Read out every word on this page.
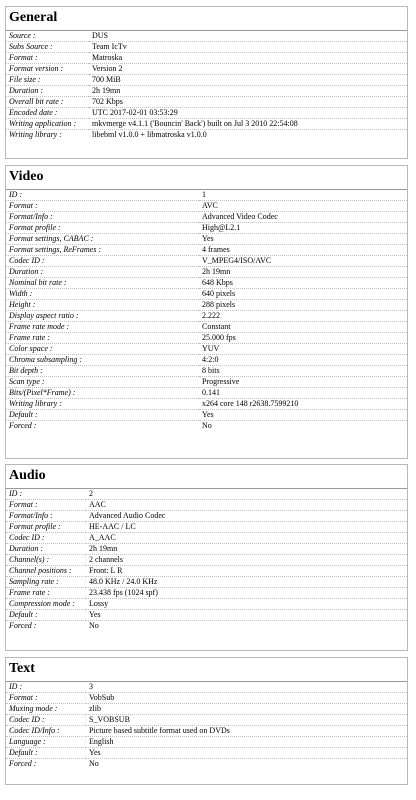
General
Source :	DUS
Subs Source :	Team IcTv
Format :	Matroska
Format version :	Version 2
File size :	700 MiB
Duration :	2h 19mn
Overall bit rate :	702 Kbps
Encoded date :	UTC 2017-02-01 03:53:29
Writing application :	mkvmerge v4.1.1 ('Bouncin' Back') built on Jul 3 2010 22:54:08
Writing library :	libebml v1.0.0 + libmatroska v1.0.0
Video
ID :	1
Format :	AVC
Format/Info :	Advanced Video Codec
Format profile :	High@L2.1
Format settings, CABAC :	Yes
Format settings, ReFrames :	4 frames
Codec ID :	V_MPEG4/ISO/AVC
Duration :	2h 19mn
Nominal bit rate :	648 Kbps
Width :	640 pixels
Height :	288 pixels
Display aspect ratio :	2.222
Frame rate mode :	Constant
Frame rate :	25.000 fps
Color space :	YUV
Chroma subsampling :	4:2:0
Bit depth :	8 bits
Scan type :	Progressive
Bits/(Pixel*Frame) :	0.141
Writing library :	x264 core 148 r2638.7599210
Default :	Yes
Forced :	No
Audio
ID :	2
Format :	AAC
Format/Info :	Advanced Audio Codec
Format profile :	HE-AAC / LC
Codec ID :	A_AAC
Duration :	2h 19mn
Channel(s) :	2 channels
Channel positions :	Front: L R
Sampling rate :	48.0 KHz / 24.0 KHz
Frame rate :	23.438 fps (1024 spf)
Compression mode :	Lossy
Default :	Yes
Forced :	No
Text
ID :	3
Format :	VobSub
Muxing mode :	zlib
Codec ID :	S_VOBSUB
Codec ID/Info :	Picture based subtitle format used on DVDs
Language :	English
Default :	Yes
Forced :	No
